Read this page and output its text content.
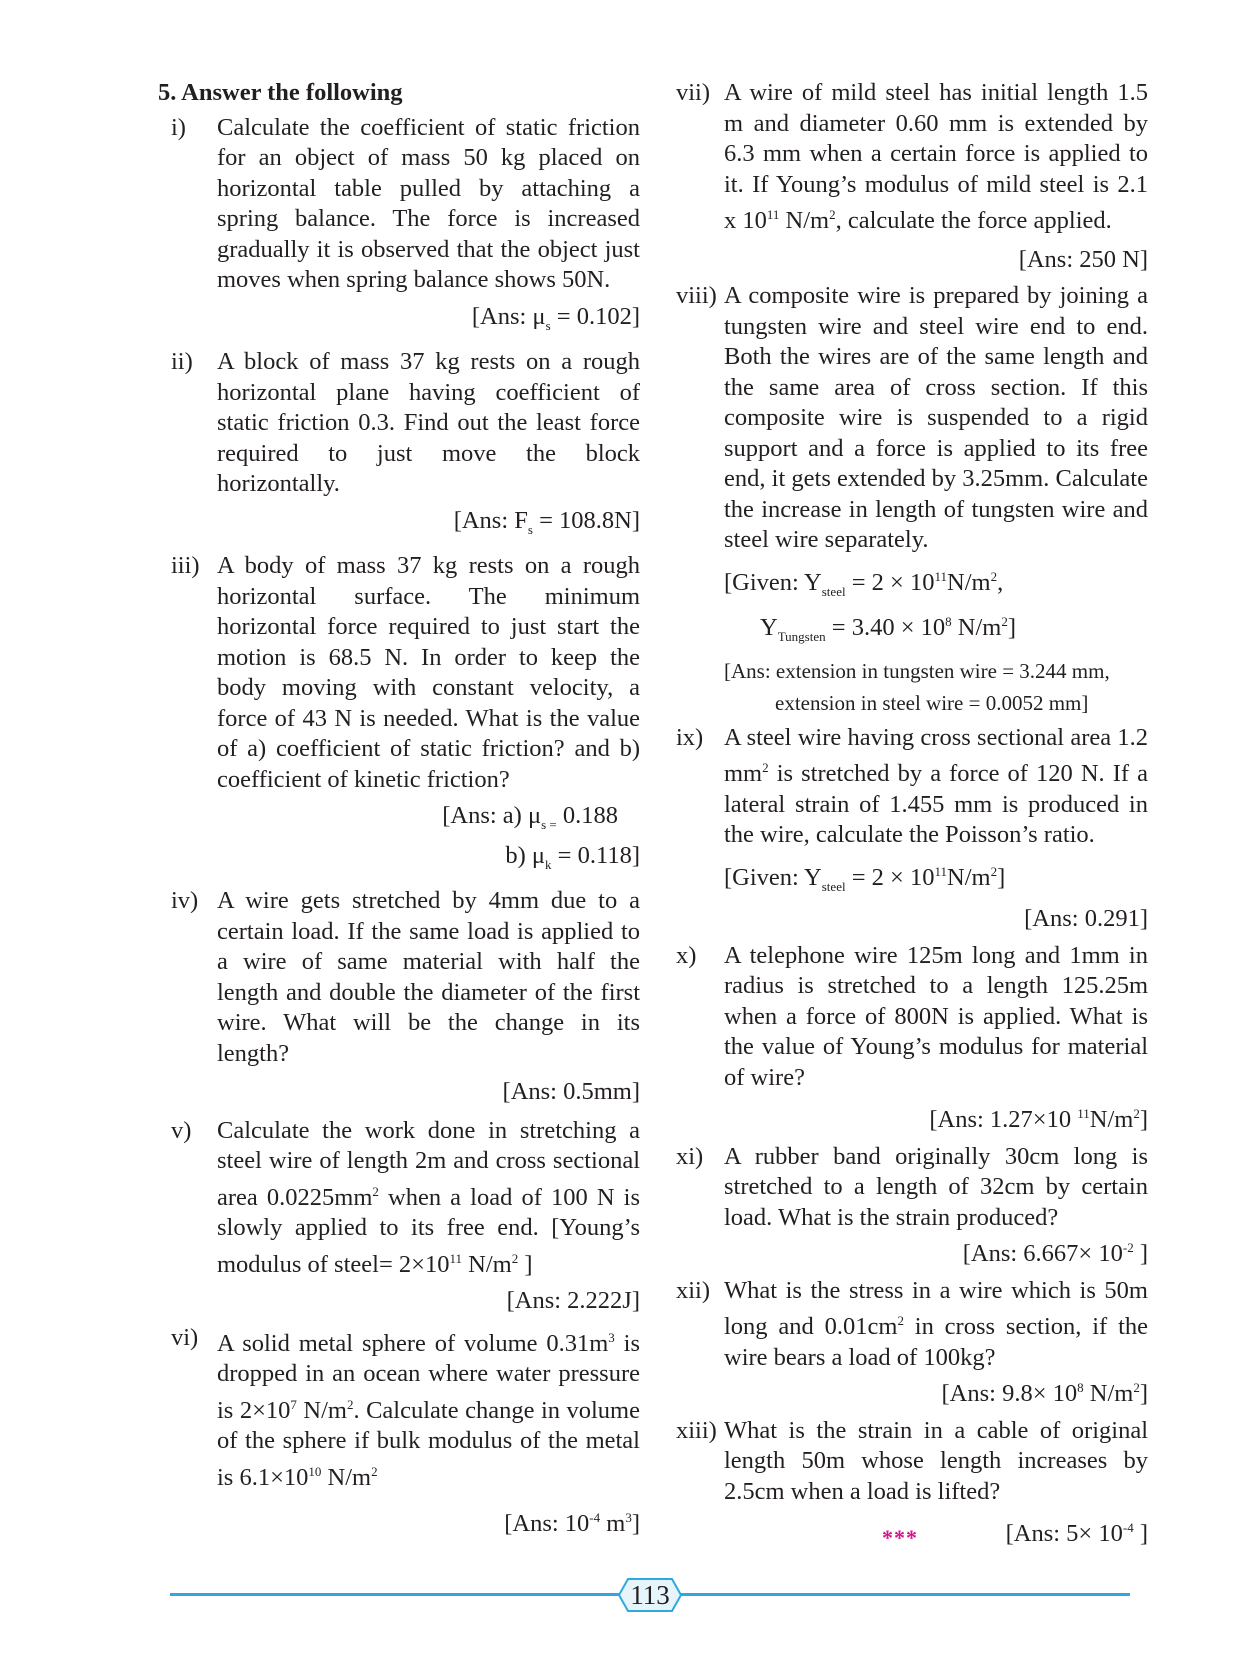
5. Answer the following
i) Calculate the coefficient of static friction for an object of mass 50 kg placed on horizontal table pulled by attaching a spring balance. The force is increased gradually it is observed that the object just moves when spring balance shows 50N.
[Ans: $\mu_s = 0.102$]
ii) A block of mass 37 kg rests on a rough horizontal plane having coefficient of static friction 0.3. Find out the least force required to just move the block horizontally.
[Ans: $F_s = 108.8N$]
iii) A body of mass 37 kg rests on a rough horizontal surface. The minimum horizontal force required to just start the motion is 68.5 N. In order to keep the body moving with constant velocity, a force of 43 N is needed. What is the value of a) coefficient of static friction? and b) coefficient of kinetic friction?
[Ans: a) $\mu_{s =}$ 0.188
b) $\mu_k = 0.118$]
iv) A wire gets stretched by 4mm due to a certain load. If the same load is applied to a wire of same material with half the length and double the diameter of the first wire. What will be the change in its length?
[Ans: 0.5mm]
v) Calculate the work done in stretching a steel wire of length 2m and cross sectional area $0.0225mm^2$ when a load of 100 N is slowly applied to its free end. [Young’s modulus of steel= $2\times 10^{11}$ $N/m^2$ ]
[Ans: 2.222J]
vi) A solid metal sphere of volume $0.31m^3$ is dropped in an ocean where water pressure is $2\times 10^7$ $N/m^2$. Calculate change in volume of the sphere if bulk modulus of the metal is $6.1\times 10^{10}$ $N/m^2$
[Ans: $10^{-4}$ $m^3$]
vii) A wire of mild steel has initial length 1.5 m and diameter 0.60 mm is extended by 6.3 mm when a certain force is applied to it. If Young’s modulus of mild steel is 2.1 x $10^{11}$ $N/m^2$, calculate the force applied.
[Ans: 250 N]
viii) A composite wire is prepared by joining a tungsten wire and steel wire end to end. Both the wires are of the same length and the same area of cross section. If this composite wire is suspended to a rigid support and a force is applied to its free end, it gets extended by 3.25mm. Calculate the increase in length of tungsten wire and steel wire separately.
[Given: $Y_{steel} = 2 \times 10^{11}N/m^2$,
$Y_{Tungsten} = 3.40 \times 10^8$ $N/m^2$]
[Ans: extension in tungsten wire = 3.244 mm,
extension in steel wire = 0.0052 mm]
ix) A steel wire having cross sectional area 1.2 $mm^2$ is stretched by a force of 120 N. If a lateral strain of 1.455 mm is produced in the wire, calculate the Poisson’s ratio.
[Given: $Y_{steel} = 2 \times 10^{11}N/m^2$]
[Ans: 0.291]
x) A telephone wire 125m long and 1mm in radius is stretched to a length 125.25m when a force of 800N is applied. What is the value of Young’s modulus for material of wire?
[Ans: 1.27×10 $^{11}N/m^2$]
xi) A rubber band originally 30cm long is stretched to a length of 32cm by certain load. What is the strain produced?
[Ans: $6.667\times 10^{-2}$ ]
xii) What is the stress in a wire which is 50m long and $0.01cm^2$ in cross section, if the wire bears a load of 100kg?
[Ans: $9.8\times 10^8$ $N/m^2$]
xiii) What is the strain in a cable of original length 50m whose length increases by 2.5cm when a load is lifted?
[Ans: $5\times 10^{-4}$ ]
***
113
